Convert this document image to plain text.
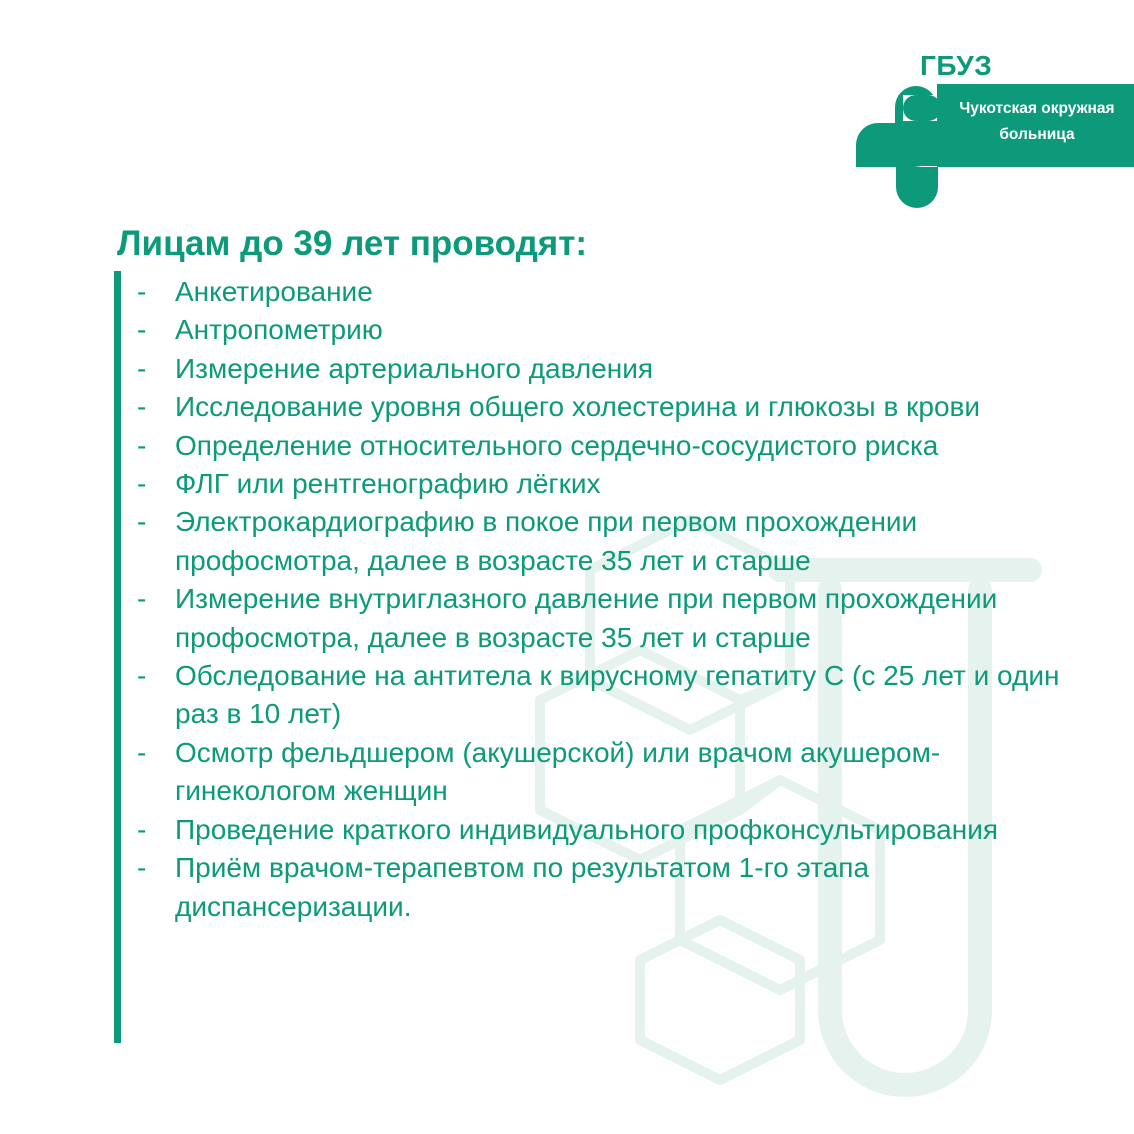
ГБУЗ
Чукотская окружная
больница
Лицам до 39 лет проводят:
- Анкетирование
- Антропометрию
- Измерение артериального давления
- Исследование уровня общего холестерина и глюкозы в крови
- Определение относительного сердечно-сосудистого риска
- ФЛГ или рентгенографию лёгких
- Электрокардиографию в покое при первом прохождении профосмотра, далее в возрасте 35 лет и старше
- Измерение внутриглазного давление при первом прохождении профосмотра, далее в возрасте 35 лет и старше
- Обследование на антитела к вирусному гепатиту С (с 25 лет и один раз в 10 лет)
- Осмотр фельдшером (акушерской) или врачом акушером-гинекологом женщин
- Проведение краткого индивидуального профконсультирования
- Приём врачом-терапевтом по результатом 1-го этапа диспансеризации.
